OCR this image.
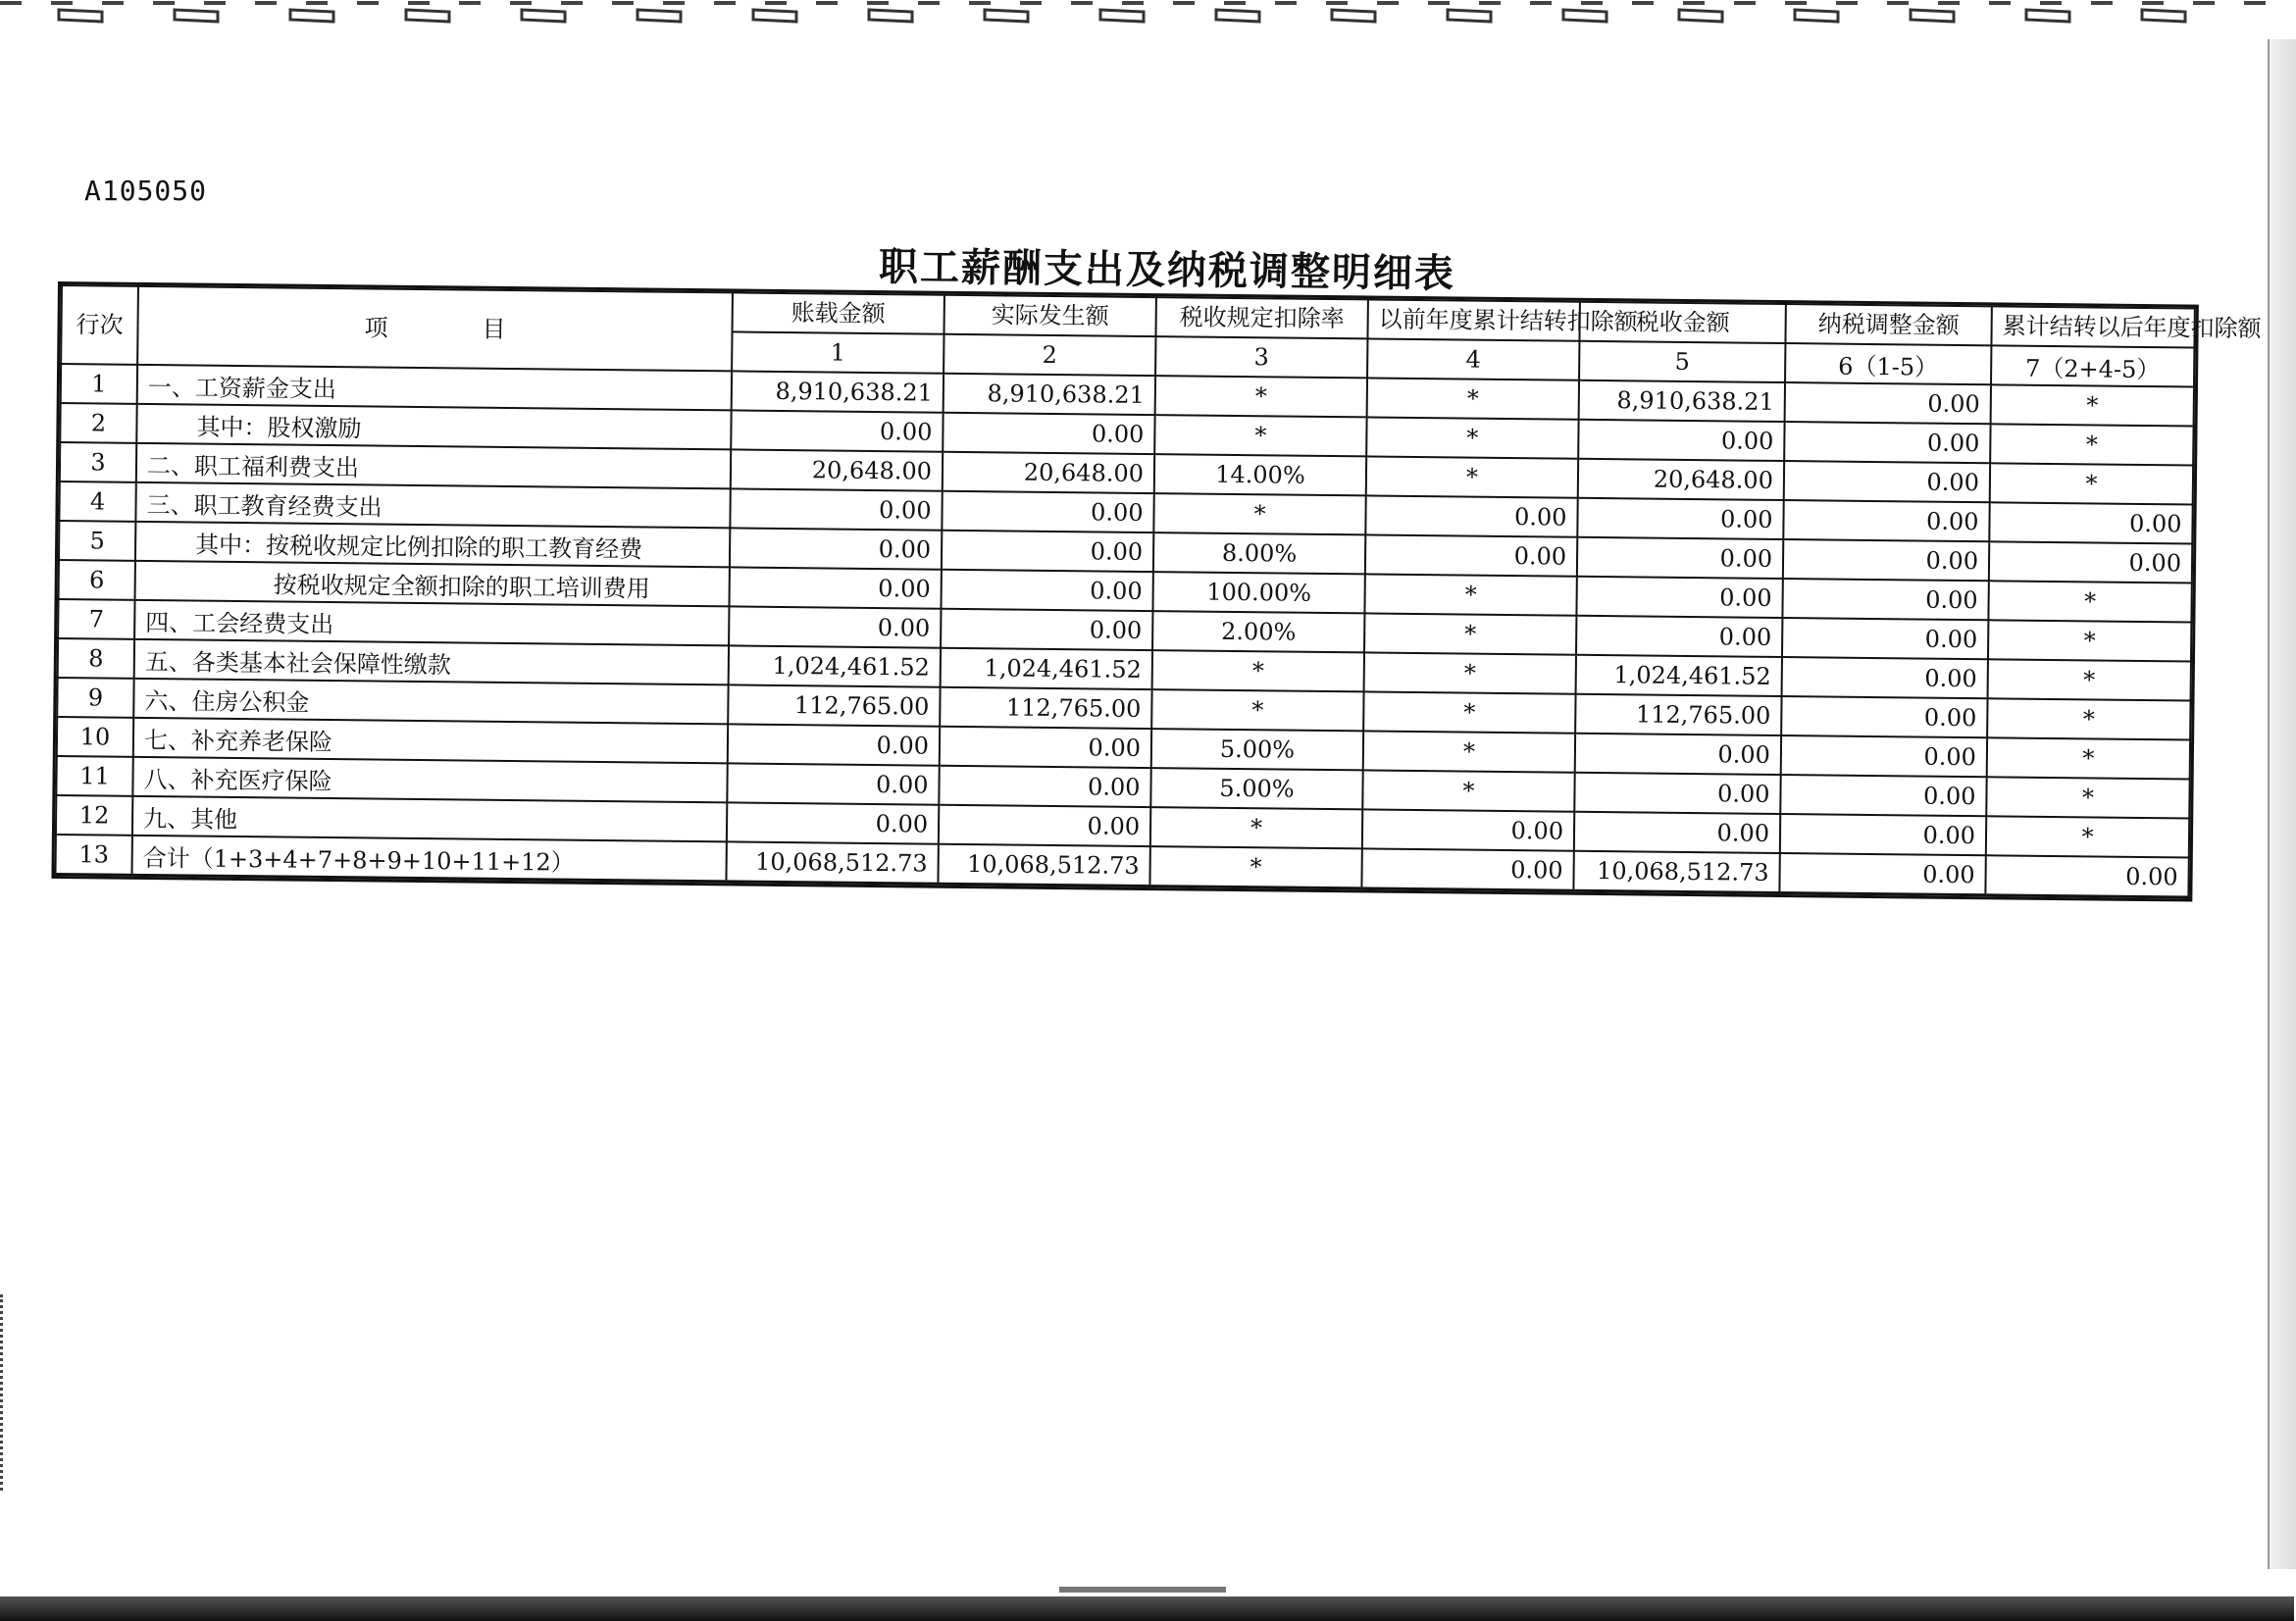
A105050
职工薪酬支出及纳税调整明细表
行次	项　　　　目	账载金额	实际发生额	税收规定扣除率	以前年度累计结转扣除额	税收金额	纳税调整金额	累计结转以后年度扣除额
		1	2	3	4	5	6（1-5）	7（2+4-5）
1	一、工资薪金支出	8,910,638.21	8,910,638.21	*	*	8,910,638.21	0.00	*
2	其中：股权激励	0.00	0.00	*	*	0.00	0.00	*
3	二、职工福利费支出	20,648.00	20,648.00	14.00%	*	20,648.00	0.00	*
4	三、职工教育经费支出	0.00	0.00	*	0.00	0.00	0.00	0.00
5	其中：按税收规定比例扣除的职工教育经费	0.00	0.00	8.00%	0.00	0.00	0.00	0.00
6	按税收规定全额扣除的职工培训费用	0.00	0.00	100.00%	*	0.00	0.00	*
7	四、工会经费支出	0.00	0.00	2.00%	*	0.00	0.00	*
8	五、各类基本社会保障性缴款	1,024,461.52	1,024,461.52	*	*	1,024,461.52	0.00	*
9	六、住房公积金	112,765.00	112,765.00	*	*	112,765.00	0.00	*
10	七、补充养老保险	0.00	0.00	5.00%	*	0.00	0.00	*
11	八、补充医疗保险	0.00	0.00	5.00%	*	0.00	0.00	*
12	九、其他	0.00	0.00	*	0.00	0.00	0.00	*
13	合计（1+3+4+7+8+9+10+11+12）	10,068,512.73	10,068,512.73	*	0.00	10,068,512.73	0.00	0.00
